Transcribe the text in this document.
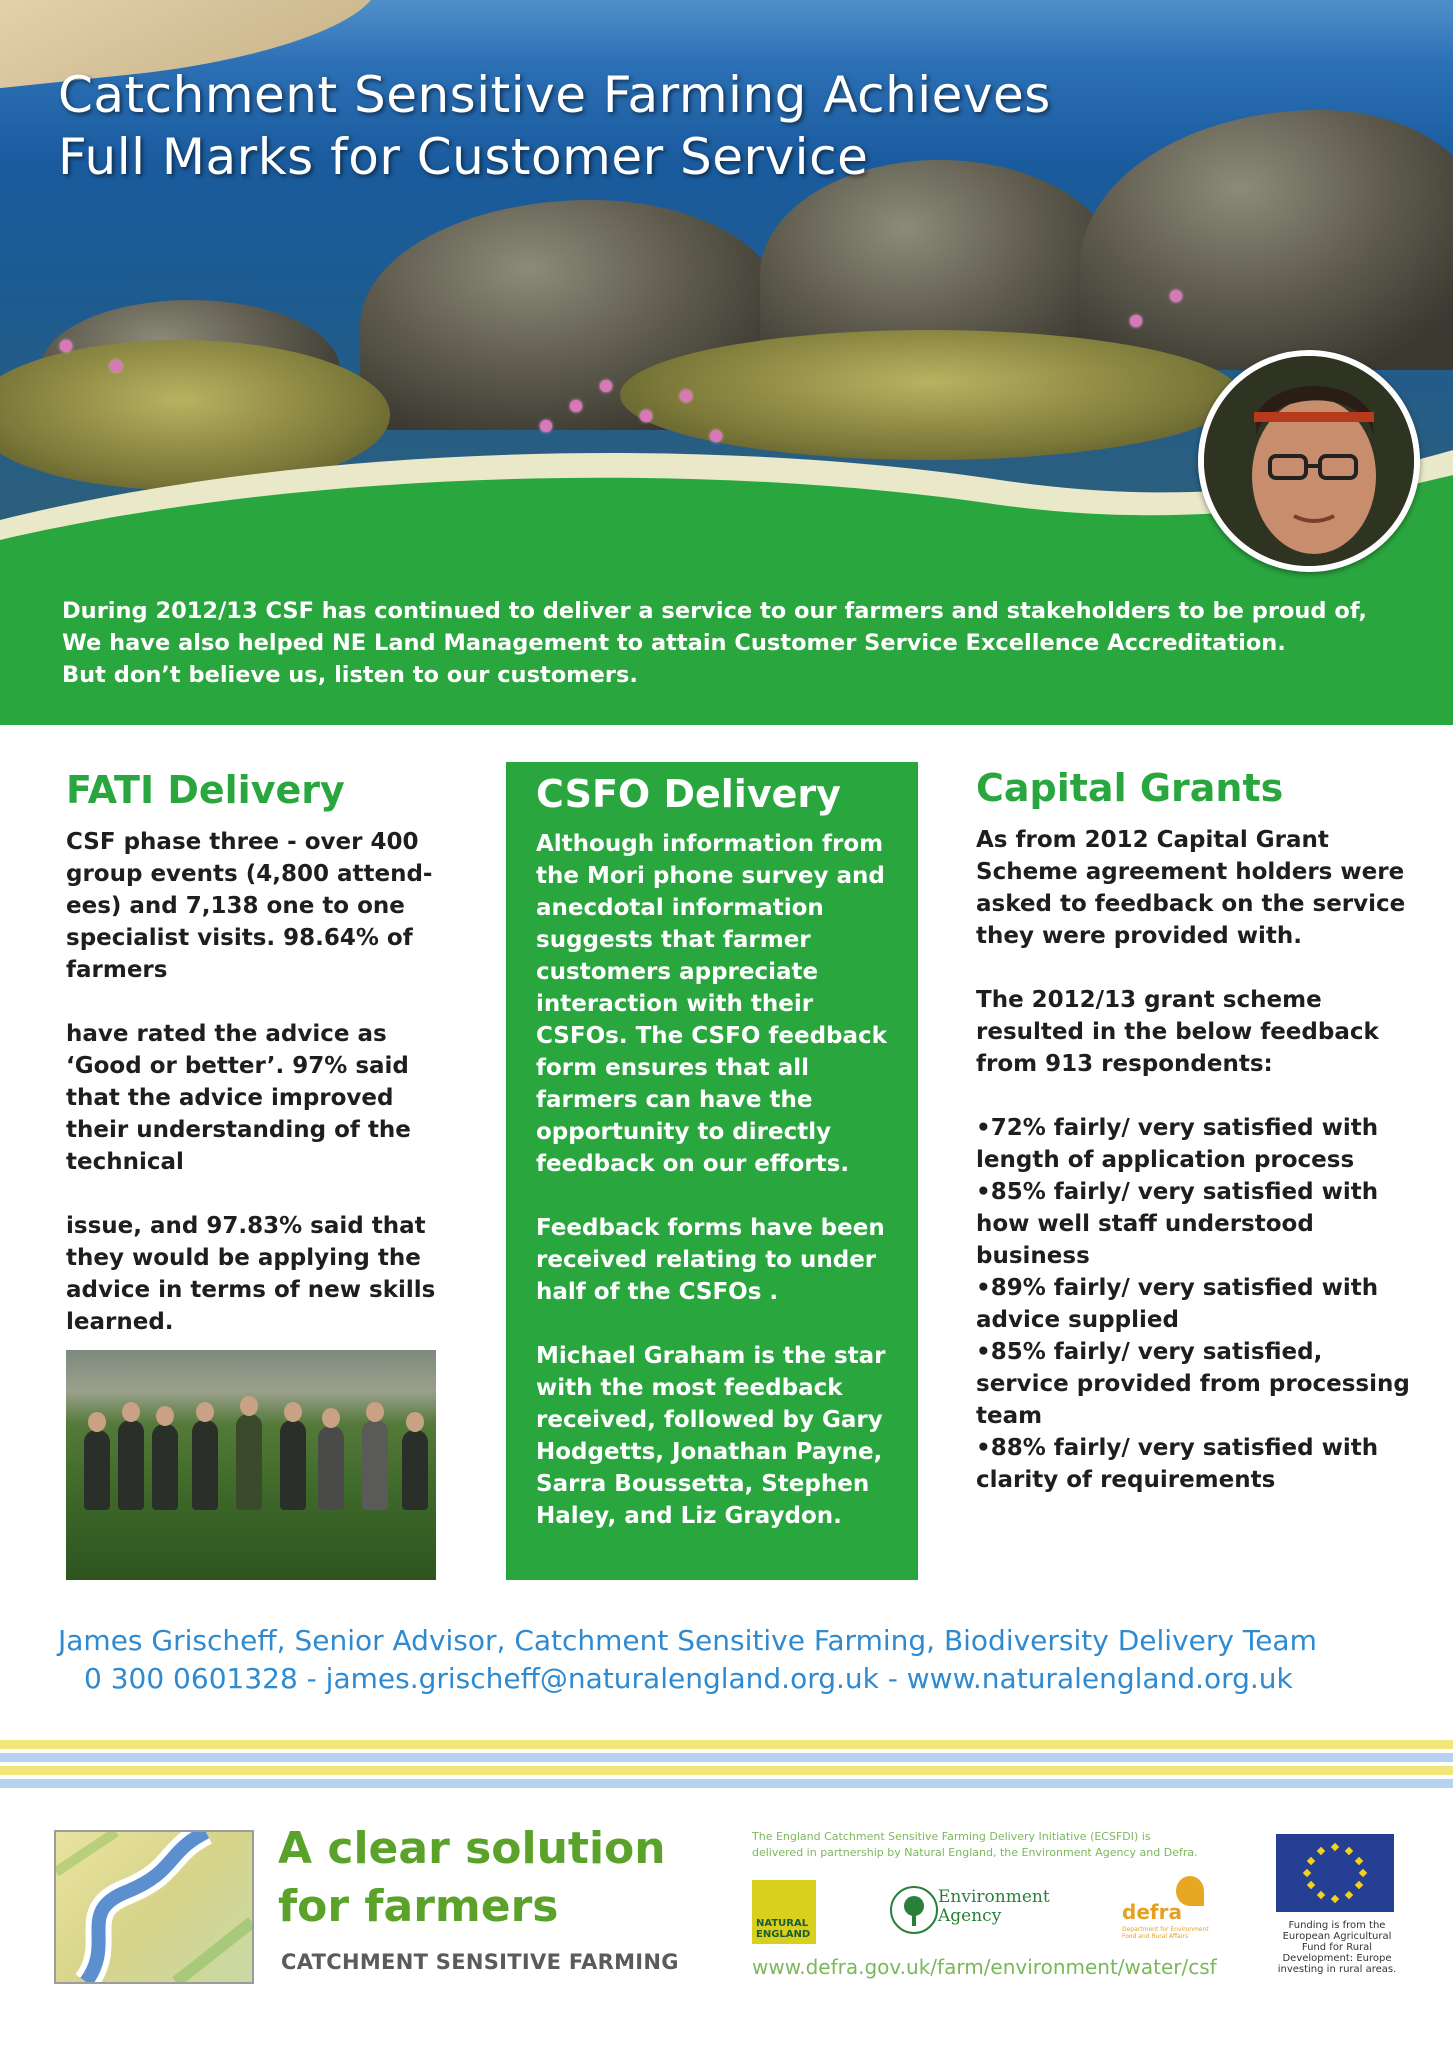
Catchment Sensitive Farming Achieves
Full Marks for Customer Service

During 2012/13 CSF has continued to deliver a service to our farmers and stakeholders to be proud of,
We have also helped NE Land Management to attain Customer Service Excellence Accreditation.
But don’t believe us, listen to our customers.

FATI Delivery

CSF phase three - over 400 group events (4,800 attend-ees) and 7,138 one to one specialist visits. 98.64% of farmers

have rated the advice as ‘Good or better’. 97% said that the advice improved their understanding of the technical

issue, and 97.83% said that they would be applying the advice in terms of new skills learned.

CSFO Delivery

Although information from the Mori phone survey and anecdotal information suggests that farmer customers appreciate interaction with their CSFOs. The CSFO feedback form ensures that all farmers can have the opportunity to directly feedback on our efforts.

Feedback forms have been received relating to under half of the CSFOs .

Michael Graham is the star with the most feedback received, followed by Gary Hodgetts, Jonathan Payne, Sarra Boussetta, Stephen Haley, and Liz Graydon.

Capital Grants

As from 2012 Capital Grant Scheme agreement holders were asked to feedback on the service they were provided with.

The 2012/13 grant scheme resulted in the below feedback from 913 respondents:

•72% fairly/ very satisfied with length of application process

•85% fairly/ very satisfied with how well staff understood business

•89% fairly/ very satisfied with advice supplied

•85% fairly/ very satisfied, service provided from processing team

•88% fairly/ very satisfied with clarity of requirements

James Grischeff, Senior Advisor, Catchment Sensitive Farming, Biodiversity Delivery Team
0 300 0601328 - james.grischeff@naturalengland.org.uk - www.naturalengland.org.uk

A clear solution
for farmers

CATCHMENT SENSITIVE FARMING

The England Catchment Sensitive Farming Delivery Initiative (ECSFDI) is
delivered in partnership by Natural England, the Environment Agency and Defra.

NATURAL ENGLAND
Environment Agency	defra
Department for Environment Food and Rural Affairs
www.defra.gov.uk/farm/environment/water/csf

Funding is from the
European Agricultural
Fund for Rural
Development: Europe
investing in rural areas.
